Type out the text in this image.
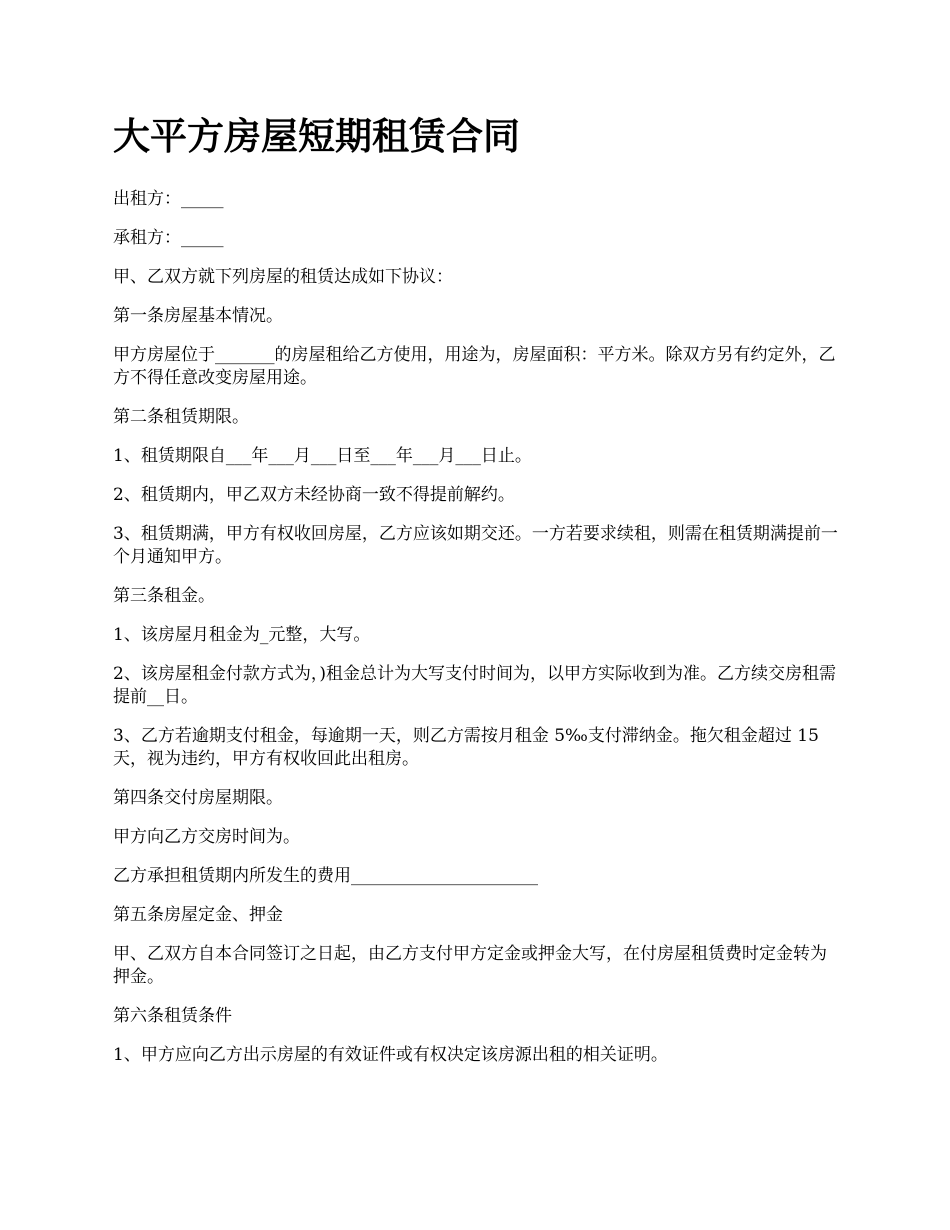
大平方房屋短期租赁合同

出租方：_____

承租方：_____

甲、乙双方就下列房屋的租赁达成如下协议：

第一条房屋基本情况。

甲方房屋位于_______的房屋租给乙方使用，用途为，房屋面积：平方米。除双方另有约定外，乙方不得任意改变房屋用途。

第二条租赁期限。

1、租赁期限自___年___月___日至___年___月___日止。

2、租赁期内，甲乙双方未经协商一致不得提前解约。

3、租赁期满，甲方有权收回房屋，乙方应该如期交还。一方若要求续租，则需在租赁期满提前一个月通知甲方。

第三条租金。

1、该房屋月租金为_元整，大写。

2、该房屋租金付款方式为，)租金总计为大写支付时间为，以甲方实际收到为准。乙方续交房租需提前__日。

3、乙方若逾期支付租金，每逾期一天，则乙方需按月租金 5‰支付滞纳金。拖欠租金超过 15 天，视为违约，甲方有权收回此出租房。

第四条交付房屋期限。

甲方向乙方交房时间为。

乙方承担租赁期内所发生的费用______________________

第五条房屋定金、押金

甲、乙双方自本合同签订之日起，由乙方支付甲方定金或押金大写，在付房屋租赁费时定金转为押金。

第六条租赁条件

1、甲方应向乙方出示房屋的有效证件或有权决定该房源出租的相关证明。
